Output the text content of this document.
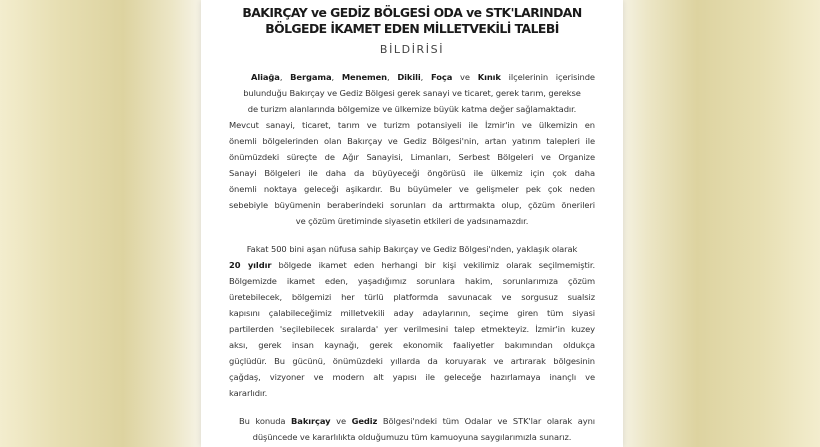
BAKIRÇAY ve GEDİZ BÖLGESİ ODA ve STK'LARINDAN
BÖLGEDE İKAMET EDEN MİLLETVEKİLİ TALEBİ
BİLDİRİSİ
Aliağa, Bergama, Menemen, Dikili, Foça ve Kınık ilçelerinin içerisinde
bulunduğu Bakırçay ve Gediz Bölgesi gerek sanayi ve ticaret, gerek tarım, gerekse
de turizm alanlarında bölgemize ve ülkemize büyük katma değer sağlamaktadır.
Mevcut sanayi, ticaret, tarım ve turizm potansiyeli ile İzmir'in ve ülkemizin en
önemli bölgelerinden olan Bakırçay ve Gediz Bölgesi'nin, artan yatırım talepleri ile
önümüzdeki süreçte de Ağır Sanayisi, Limanları, Serbest Bölgeleri ve Organize
Sanayi Bölgeleri ile daha da büyüyeceği öngörüsü ile ülkemiz için çok daha
önemli noktaya geleceği aşikardır. Bu büyümeler ve gelişmeler pek çok neden
sebebiyle büyümenin beraberindeki sorunları da arttırmakta olup, çözüm önerileri
ve çözüm üretiminde siyasetin etkileri de yadsınamazdır.
Fakat 500 bini aşan nüfusa sahip Bakırçay ve Gediz Bölgesi'nden, yaklaşık olarak
20 yıldır bölgede ikamet eden herhangi bir kişi vekilimiz olarak seçilmemiştir.
Bölgemizde ikamet eden, yaşadığımız sorunlara hakim, sorunlarımıza çözüm
üretebilecek, bölgemizi her türlü platformda savunacak ve sorgusuz sualsiz
kapısını çalabileceğimiz milletvekili aday adaylarının, seçime giren tüm siyasi
partilerden 'seçilebilecek sıralarda' yer verilmesini talep etmekteyiz. İzmir'in kuzey
aksı, gerek insan kaynağı, gerek ekonomik faaliyetler bakımından oldukça
güçlüdür. Bu gücünü, önümüzdeki yıllarda da koruyarak ve artırarak bölgesinin
çağdaş, vizyoner ve modern alt yapısı ile geleceğe hazırlamaya inançlı ve
kararlıdır.
Bu konuda Bakırçay ve Gediz Bölgesi'ndeki tüm Odalar ve STK'lar olarak aynı
düşüncede ve kararlılıkta olduğumuzu tüm kamuoyuna saygılarımızla sunarız.
